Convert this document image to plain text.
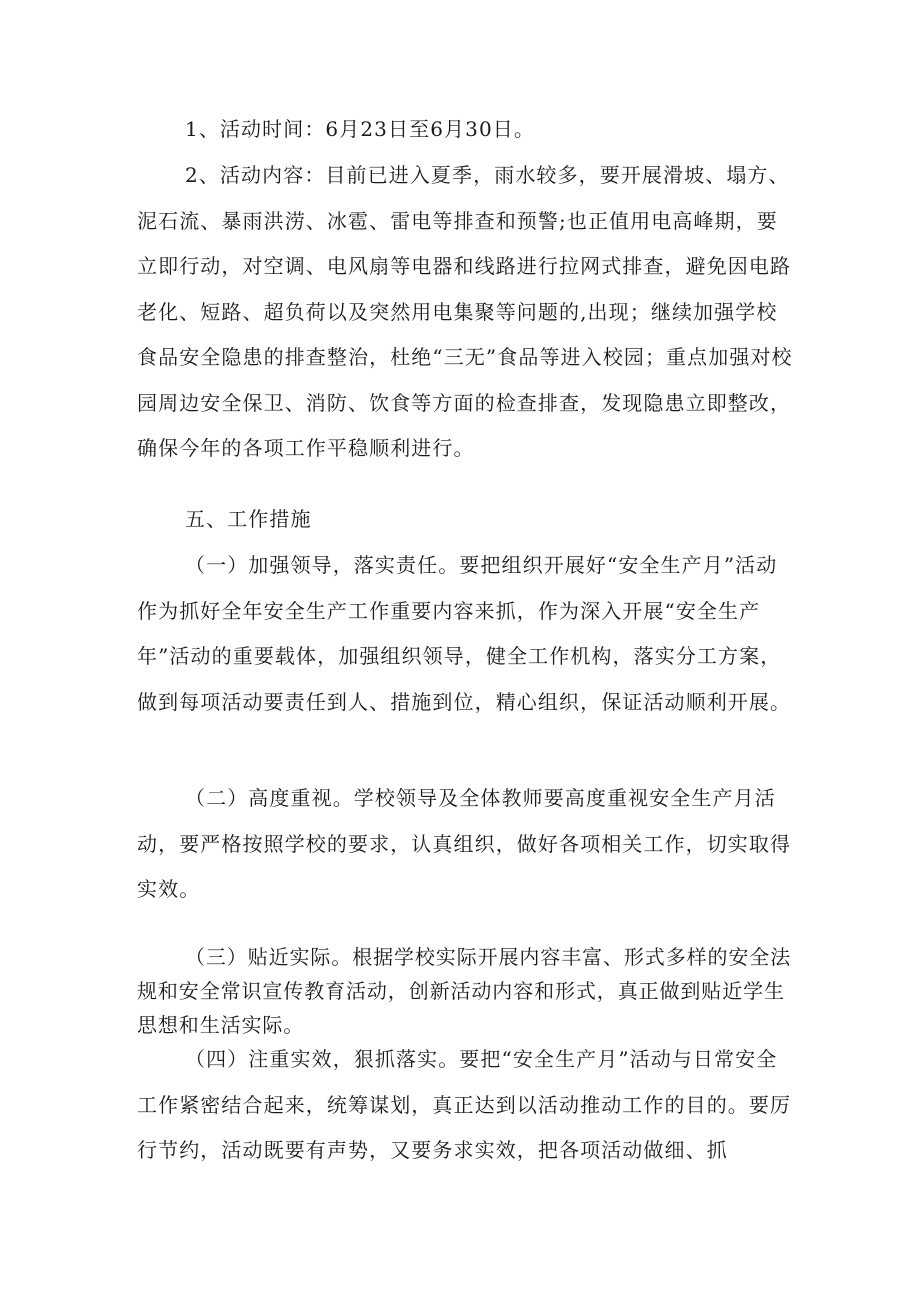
1、活动时间：6月23日至6月30日。

2、活动内容：目前已进入夏季，雨水较多，要开展滑坡、塌方、泥石流、暴雨洪涝、冰雹、雷电等排查和预警;也正值用电高峰期，要立即行动，对空调、电风扇等电器和线路进行拉网式排查，避免因电路老化、短路、超负荷以及突然用电集聚等问题的,出现；继续加强学校食品安全隐患的排查整治，杜绝“三无”食品等进入校园；重点加强对校园周边安全保卫、消防、饮食等方面的检查排查，发现隐患立即整改，确保今年的各项工作平稳顺利进行。

五、工作措施

（一）加强领导，落实责任。要把组织开展好“安全生产月”活动作为抓好全年安全生产工作重要内容来抓，作为深入开展“安全生产年”活动的重要载体，加强组织领导，健全工作机构，落实分工方案，做到每项活动要责任到人、措施到位，精心组织，保证活动顺利开展。

（二）高度重视。学校领导及全体教师要高度重视安全生产月活动，要严格按照学校的要求，认真组织，做好各项相关工作，切实取得实效。

（三）贴近实际。根据学校实际开展内容丰富、形式多样的安全法规和安全常识宣传教育活动，创新活动内容和形式，真正做到贴近学生思想和生活实际。

（四）注重实效，狠抓落实。要把“安全生产月”活动与日常安全工作紧密结合起来，统筹谋划，真正达到以活动推动工作的目的。要厉行节约，活动既要有声势，又要务求实效，把各项活动做细、抓
